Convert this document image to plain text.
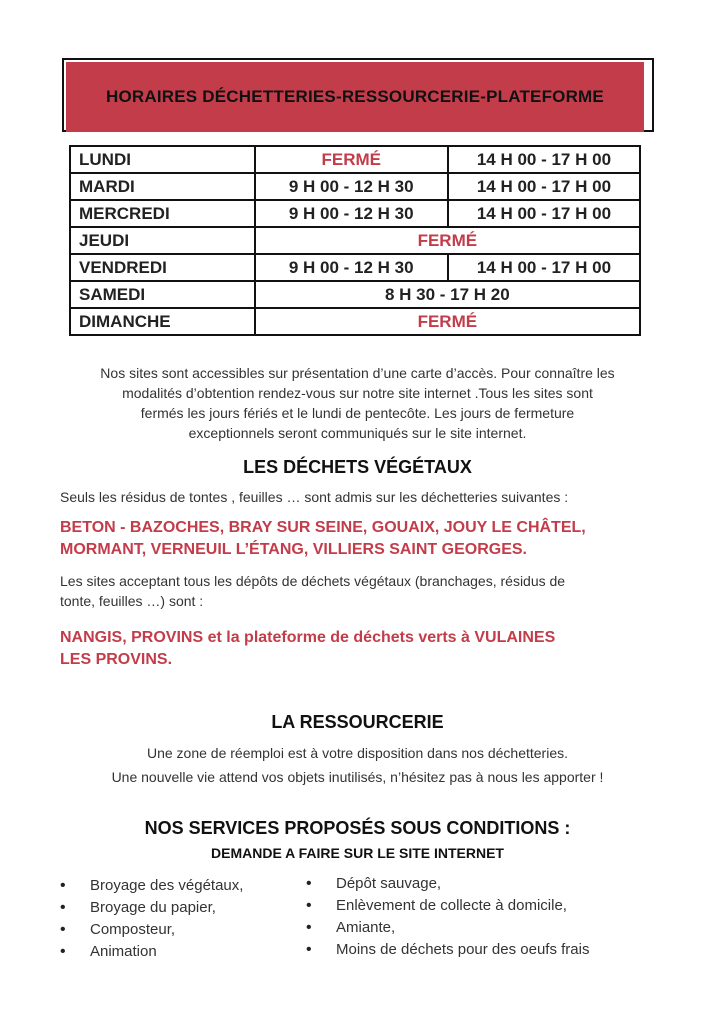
HORAIRES DÉCHETTERIES-RESSOURCERIE-PLATEFORME
LUNDI	FERMÉ	14 H 00 - 17 H 00
MARDI	9 H 00 - 12 H 30	14 H 00 - 17 H 00
MERCREDI	9 H 00 - 12 H 30	14 H 00 - 17 H 00
JEUDI	FERMÉ	
VENDREDI	9 H 00 - 12 H 30	14 H 00 - 17 H 00
SAMEDI	8 H 30 - 17 H 20	
DIMANCHE	FERMÉ	
Nos sites sont accessibles sur présentation d’une carte d’accès. Pour connaître les
modalités d’obtention rendez-vous sur notre site internet .Tous les sites sont
fermés les jours fériés et le lundi de pentecôte. Les jours de fermeture
exceptionnels seront communiqués sur le site internet.
LES DÉCHETS VÉGÉTAUX

Seuls les résidus de tontes , feuilles … sont admis sur les déchetteries suivantes :

BETON - BAZOCHES, BRAY SUR SEINE, GOUAIX, JOUY LE CHÂTEL,
MORMANT, VERNEUIL L’ÉTANG, VILLIERS SAINT GEORGES.
Les sites acceptant tous les dépôts de déchets végétaux (branchages, résidus de
tonte, feuilles …) sont :
NANGIS, PROVINS et la plateforme de déchets verts à VULAINES
LES PROVINS.
LA RESSOURCERIE
Une zone de réemploi est à votre disposition dans nos déchetteries.
Une nouvelle vie attend vos objets inutilisés, n’hésitez pas à nous les apporter !
NOS SERVICES PROPOSÉS SOUS CONDITIONS :
DEMANDE A FAIRE SUR LE SITE INTERNET
• Broyage des végétaux,
• Broyage du papier,
• Composteur,
• Animation
• Dépôt sauvage,
• Enlèvement de collecte à domicile,
• Amiante,
• Moins de déchets pour des oeufs frais
